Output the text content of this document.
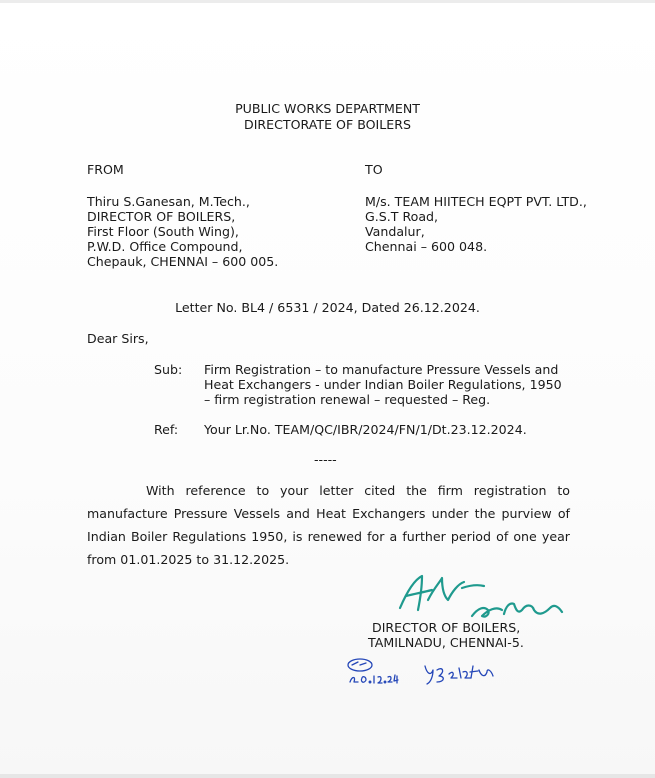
PUBLIC WORKS DEPARTMENT
DIRECTORATE OF BOILERS
FROM	TO
Thiru S.Ganesan, M.Tech.,
DIRECTOR OF BOILERS,
First Floor (South Wing),
P.W.D. Office Compound,
Chepauk, CHENNAI – 600 005.
M/s. TEAM HIITECH EQPT PVT. LTD.,
G.S.T Road,
Vandalur,
Chennai – 600 048.
Letter No. BL4 / 6531 / 2024, Dated 26.12.2024.
Dear Sirs,
Sub: Firm Registration – to manufacture Pressure Vessels and
Heat Exchangers - under Indian Boiler Regulations, 1950
– firm registration renewal – requested – Reg.
Ref: Your Lr.No. TEAM/QC/IBR/2024/FN/1/Dt.23.12.2024.
-----
With reference to your letter cited the firm registration to
manufacture Pressure Vessels and Heat Exchangers under the purview of
Indian Boiler Regulations 1950, is renewed for a further period of one year
from 01.01.2025 to 31.12.2025.
DIRECTOR OF BOILERS,
TAMILNADU, CHENNAI-5.
